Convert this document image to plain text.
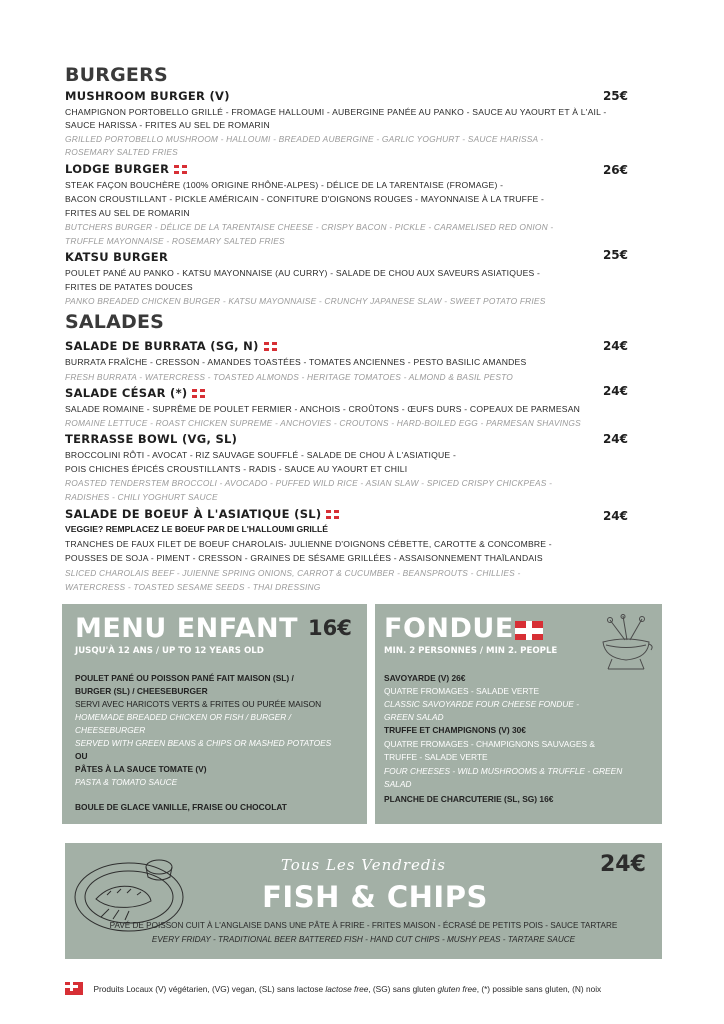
BURGERS
MUSHROOM BURGER (V)	25€
CHAMPIGNON PORTOBELLO GRILLÉ - FROMAGE HALLOUMI - AUBERGINE PANÉE AU PANKO - SAUCE AU YAOURT ET À L'AIL -
SAUCE HARISSA - FRITES AU SEL DE ROMARIN
GRILLED PORTOBELLO MUSHROOM - HALLOUMI - BREADED AUBERGINE - GARLIC YOGHURT - SAUCE HARISSA -
ROSEMARY SALTED FRIES
LODGE BURGER	26€
STEAK FAÇON BOUCHÈRE (100% ORIGINE RHÔNE-ALPES) - DÉLICE DE LA TARENTAISE (FROMAGE) -
BACON CROUSTILLANT - PICKLE AMÉRICAIN - CONFITURE D'OIGNONS ROUGES - MAYONNAISE À LA TRUFFE -
FRITES AU SEL DE ROMARIN
BUTCHERS BURGER - DÉLICE DE LA TARENTAISE CHEESE - CRISPY BACON - PICKLE - CARAMELISED RED ONION -
TRUFFLE MAYONNAISE - ROSEMARY SALTED FRIES
KATSU BURGER	25€
POULET PANÉ AU PANKO - KATSU MAYONNAISE (AU CURRY) - SALADE DE CHOU AUX SAVEURS ASIATIQUES -
FRITES DE PATATES DOUCES
PANKO BREADED CHICKEN BURGER - KATSU MAYONNAISE - CRUNCHY JAPANESE SLAW - SWEET POTATO FRIES
SALADES
SALADE DE BURRATA (SG, N)	24€
BURRATA FRAÎCHE - CRESSON - AMANDES TOASTÉES - TOMATES ANCIENNES - PESTO BASILIC AMANDES
FRESH BURRATA - WATERCRESS - TOASTED ALMONDS - HERITAGE TOMATOES - ALMOND & BASIL PESTO
SALADE CÉSAR (*)	24€
SALADE ROMAINE - SUPRÊME DE POULET FERMIER - ANCHOIS - CROÛTONS - ŒUFS DURS - COPEAUX DE PARMESAN
ROMAINE LETTUCE - ROAST CHICKEN SUPREME - ANCHOVIES - CROUTONS - HARD-BOILED EGG - PARMESAN SHAVINGS
TERRASSE BOWL (VG, SL)	24€
BROCCOLINI RÔTI - AVOCAT - RIZ SAUVAGE SOUFFLÉ - SALADE DE CHOU À L'ASIATIQUE -
POIS CHICHES ÉPICÉS CROUSTILLANTS - RADIS - SAUCE AU YAOURT ET CHILI
ROASTED TENDERSTEM BROCCOLI - AVOCADO - PUFFED WILD RICE - ASIAN SLAW - SPICED CRISPY CHICKPEAS -
RADISHES - CHILI YOGHURT SAUCE
SALADE DE BOEUF À L'ASIATIQUE (SL)	24€
VEGGIE? REMPLACEZ LE BOEUF PAR DE L'HALLOUMI GRILLÉ
TRANCHES DE FAUX FILET DE BOEUF CHAROLAIS- JULIENNE D'OIGNONS CÉBETTE, CAROTTE & CONCOMBRE -
POUSSES DE SOJA - PIMENT - CRESSON - GRAINES DE SÉSAME GRILLÉES - ASSAISONNEMENT THAÏLANDAIS
SLICED CHAROLAIS BEEF - JUIENNE SPRING ONIONS, CARROT & CUCUMBER - BEANSPROUTS - CHILLIES -
WATERCRESS - TOASTED SESAME SEEDS - THAI DRESSING
MENU ENFANT 16€
JUSQU'À 12 ANS / UP TO 12 YEARS OLD
POULET PANÉ OU POISSON PANÉ FAIT MAISON (SL) /
BURGER (SL) / CHEESEBURGER
SERVI AVEC HARICOTS VERTS & FRITES OU PURÉE MAISON
HOMEMADE BREADED CHICKEN OR FISH / BURGER /
CHEESEBURGER
SERVED WITH GREEN BEANS & CHIPS OR MASHED POTATOES
OU
PÂTES À LA SAUCE TOMATE (V)
PASTA & TOMATO SAUCE
BOULE DE GLACE VANILLE, FRAISE OU CHOCOLAT
FONDUE
MIN. 2 PERSONNES / MIN 2. PEOPLE
SAVOYARDE (V) 26€
QUATRE FROMAGES - SALADE VERTE
CLASSIC SAVOYARDE FOUR CHEESE FONDUE -
GREEN SALAD
TRUFFE ET CHAMPIGNONS (V) 30€
QUATRE FROMAGES - CHAMPIGNONS SAUVAGES &
TRUFFE - SALADE VERTE
FOUR CHEESES - WILD MUSHROOMS & TRUFFLE - GREEN
SALAD
PLANCHE DE CHARCUTERIE (SL, SG) 16€
Tous Les Vendredis
FISH & CHIPS
24€
PAVÉ DE POISSON CUIT À L'ANGLAISE DANS UNE PÂTE À FRIRE - FRITES MAISON - ÉCRASÉ DE PETITS POIS - SAUCE TARTARE
EVERY FRIDAY - TRADITIONAL BEER BATTERED FISH - HAND CUT CHIPS - MUSHY PEAS - TARTARE SAUCE
Produits Locaux (V) végétarien, (VG) vegan, (SL) sans lactose lactose free, (SG) sans gluten gluten free, (*) possible sans gluten, (N) noix
